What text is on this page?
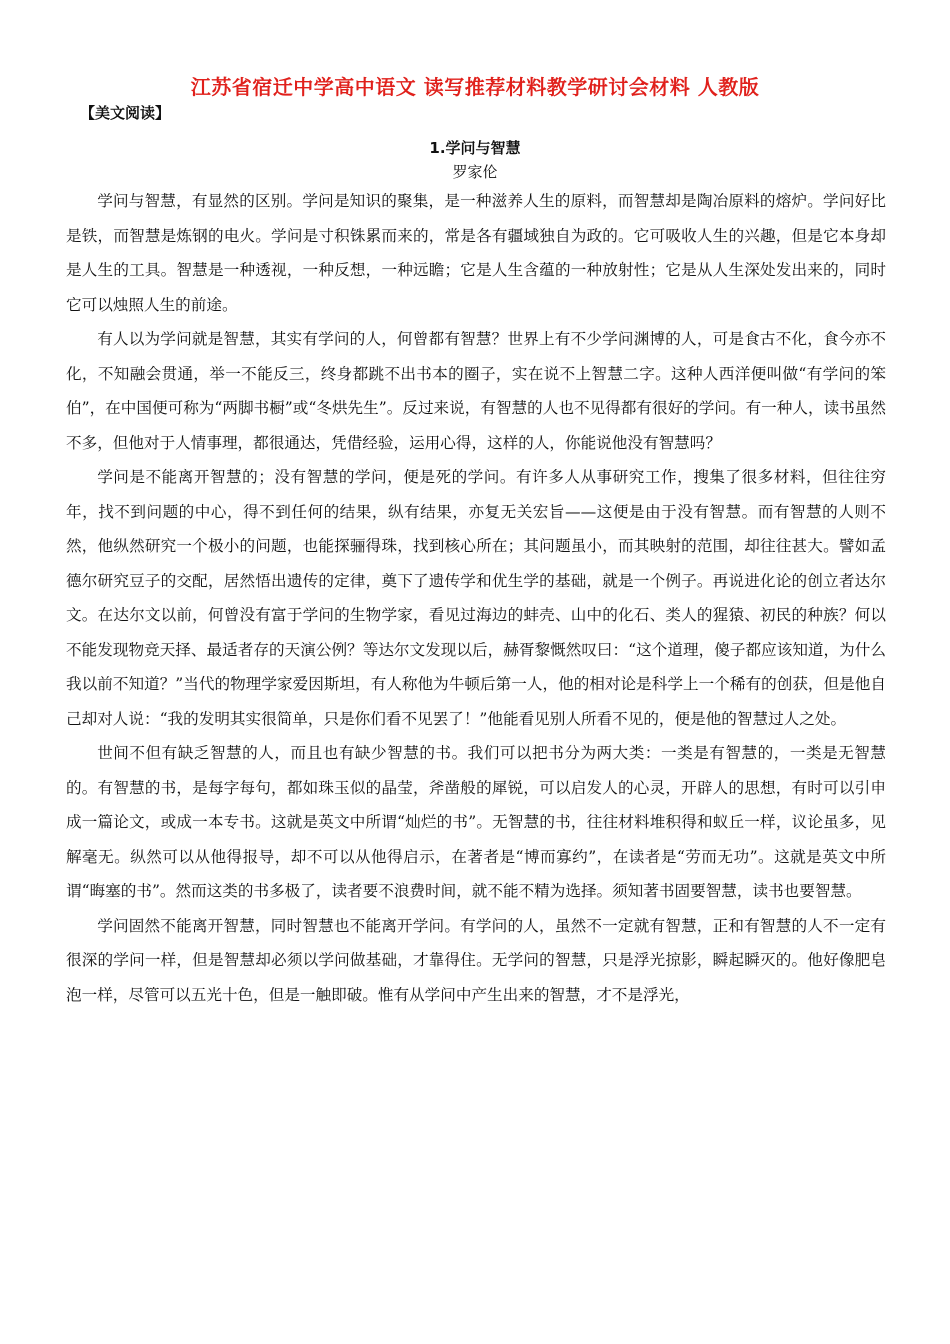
江苏省宿迁中学高中语文 读写推荐材料教学研讨会材料 人教版
【美文阅读】
1.学问与智慧
罗家伦

学问与智慧，有显然的区别。学问是知识的聚集，是一种滋养人生的原料，而智慧却是陶冶原料的熔炉。学问好比是铁，而智慧是炼钢的电火。学问是寸积铢累而来的，常是各有疆域独自为政的。它可吸收人生的兴趣，但是它本身却是人生的工具。智慧是一种透视，一种反想，一种远瞻；它是人生含蕴的一种放射性；它是从人生深处发出来的，同时它可以烛照人生的前途。

有人以为学问就是智慧，其实有学问的人，何曾都有智慧？世界上有不少学问渊博的人，可是食古不化，食今亦不化，不知融会贯通，举一不能反三，终身都跳不出书本的圈子，实在说不上智慧二字。这种人西洋便叫做“有学问的笨伯”，在中国便可称为“两脚书橱”或“冬烘先生”。反过来说，有智慧的人也不见得都有很好的学问。有一种人，读书虽然不多，但他对于人情事理，都很通达，凭借经验，运用心得，这样的人，你能说他没有智慧吗？

学问是不能离开智慧的；没有智慧的学问，便是死的学问。有许多人从事研究工作，搜集了很多材料，但往往穷年，找不到问题的中心，得不到任何的结果，纵有结果，亦复无关宏旨——这便是由于没有智慧。而有智慧的人则不然，他纵然研究一个极小的问题，也能探骊得珠，找到核心所在；其问题虽小，而其映射的范围，却往往甚大。譬如孟德尔研究豆子的交配，居然悟出遗传的定律，奠下了遗传学和优生学的基础，就是一个例子。再说进化论的创立者达尔文。在达尔文以前，何曾没有富于学问的生物学家，看见过海边的蚌壳、山中的化石、类人的猩猿、初民的种族？何以不能发现物竞天择、最适者存的天演公例？等达尔文发现以后，赫胥黎慨然叹曰：“这个道理，傻子都应该知道，为什么我以前不知道？”当代的物理学家爱因斯坦，有人称他为牛顿后第一人，他的相对论是科学上一个稀有的创获，但是他自己却对人说：“我的发明其实很简单，只是你们看不见罢了！”他能看见别人所看不见的，便是他的智慧过人之处。

世间不但有缺乏智慧的人，而且也有缺少智慧的书。我们可以把书分为两大类：一类是有智慧的，一类是无智慧的。有智慧的书，是每字每句，都如珠玉似的晶莹，斧凿般的犀锐，可以启发人的心灵，开辟人的思想，有时可以引申成一篇论文，或成一本专书。这就是英文中所谓“灿烂的书”。无智慧的书，往往材料堆积得和蚁丘一样，议论虽多，见解毫无。纵然可以从他得报导，却不可以从他得启示，在著者是“博而寡约”，在读者是“劳而无功”。这就是英文中所谓“晦塞的书”。然而这类的书多极了，读者要不浪费时间，就不能不精为选择。须知著书固要智慧，读书也要智慧。

学问固然不能离开智慧，同时智慧也不能离开学问。有学问的人，虽然不一定就有智慧，正和有智慧的人不一定有很深的学问一样，但是智慧却必须以学问做基础，才靠得住。无学问的智慧，只是浮光掠影，瞬起瞬灭的。他好像肥皂泡一样，尽管可以五光十色，但是一触即破。惟有从学问中产生出来的智慧，才不是浮光，
